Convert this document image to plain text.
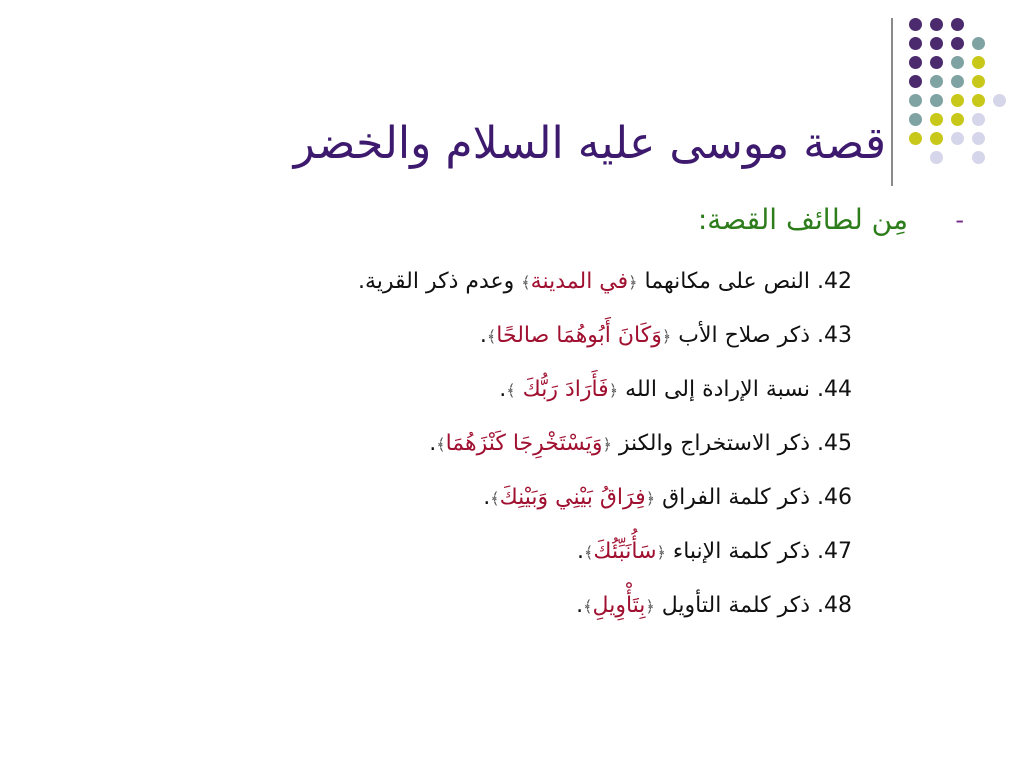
قصة موسى عليه السلام والخضر
-
مِن لطائف القصة:
42. النص على مكانهما ﴿في المدينة﴾ وعدم ذكر القرية.
43. ذكر صلاح الأب ﴿وَكَانَ أَبُوهُمَا صالحًا﴾.
44. نسبة الإرادة إلى الله ﴿فَأَرَادَ رَبُّكَ ﴾.
45. ذكر الاستخراج والكنز ﴿وَيَسْتَخْرِجَا كَنْزَهُمَا﴾.
46. ذكر كلمة الفراق ﴿فِرَاقُ بَيْنِي وَبَيْنِكَ﴾.
47. ذكر كلمة الإنباء ﴿سَأُنَبِّئُكَ﴾.
48. ذكر كلمة التأويل ﴿بِتَأْوِيلِ﴾.
